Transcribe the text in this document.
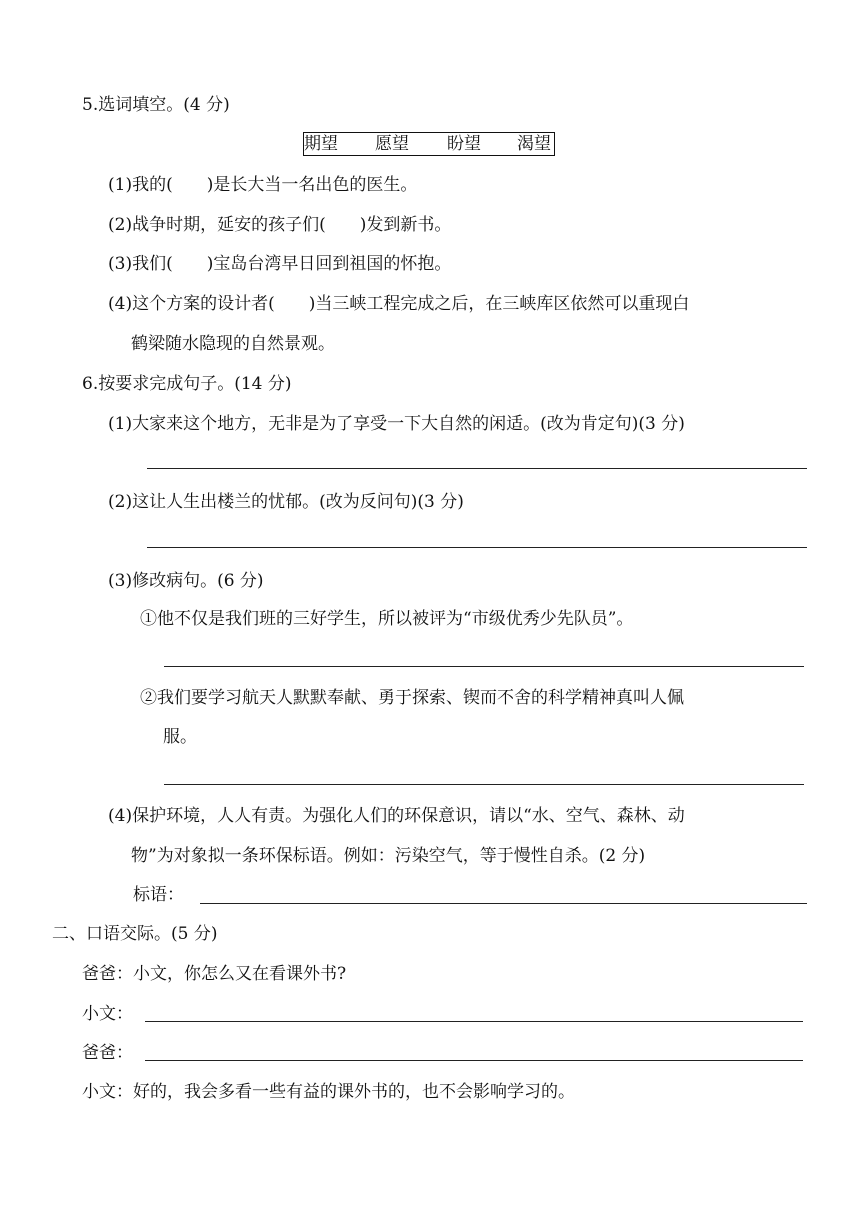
5.选词填空。(4 分)
期望 愿望 盼望 渴望
(1)我的(　　)是长大当一名出色的医生。
(2)战争时期，延安的孩子们(　　)发到新书。
(3)我们(　　)宝岛台湾早日回到祖国的怀抱。
(4)这个方案的设计者(　　)当三峡工程完成之后，在三峡库区依然可以重现白
鹤梁随水隐现的自然景观。
6.按要求完成句子。(14 分)
(1)大家来这个地方，无非是为了享受一下大自然的闲适。(改为肯定句)(3 分)
(2)这让人生出楼兰的忧郁。(改为反问句)(3 分)
(3)修改病句。(6 分)
①他不仅是我们班的三好学生，所以被评为“市级优秀少先队员”。
②我们要学习航天人默默奉献、勇于探索、锲而不舍的科学精神真叫人佩
服。
(4)保护环境，人人有责。为强化人们的环保意识，请以“水、空气、森林、动
物”为对象拟一条环保标语。例如：污染空气，等于慢性自杀。(2 分)
标语：
二、口语交际。(5 分)
爸爸：小文，你怎么又在看课外书?
小文：
爸爸：
小文：好的，我会多看一些有益的课外书的，也不会影响学习的。
